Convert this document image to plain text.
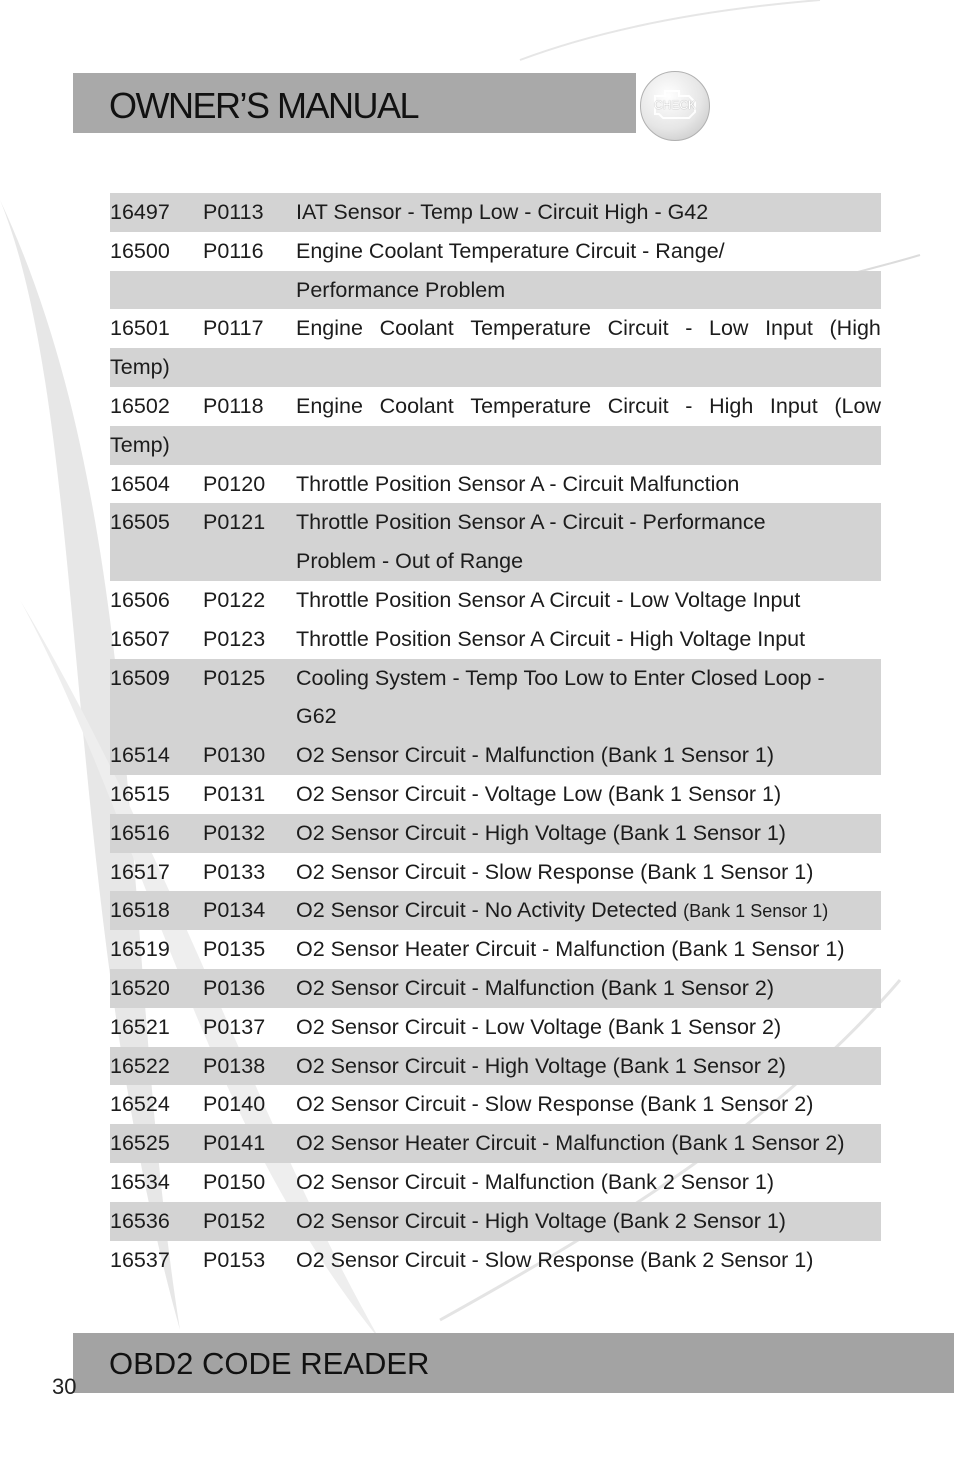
OWNER’S MANUAL	CHECK
16497 P0113 IAT Sensor - Temp Low - Circuit High - G42
16500 P0116 Engine Coolant Temperature Circuit - Range/
Performance Problem
16501 P0117 Engine Coolant Temperature Circuit - Low Input (High
Temp)
16502 P0118 Engine Coolant Temperature Circuit - High Input (Low
Temp)
16504 P0120 Throttle Position Sensor A - Circuit Malfunction
16505 P0121 Throttle Position Sensor A - Circuit - Performance
Problem - Out of Range
16506 P0122 Throttle Position Sensor A Circuit - Low Voltage Input
16507 P0123 Throttle Position Sensor A Circuit - High Voltage Input
16509 P0125 Cooling System - Temp Too Low to Enter Closed Loop -
G62
16514 P0130 O2 Sensor Circuit - Malfunction (Bank 1 Sensor 1)
16515 P0131 O2 Sensor Circuit - Voltage Low (Bank 1 Sensor 1)
16516 P0132 O2 Sensor Circuit - High Voltage (Bank 1 Sensor 1)
16517 P0133 O2 Sensor Circuit - Slow Response (Bank 1 Sensor 1)
16518 P0134 O2 Sensor Circuit - No Activity Detected (Bank 1 Sensor 1)
16519 P0135 O2 Sensor Heater Circuit - Malfunction (Bank 1 Sensor 1)
16520 P0136 O2 Sensor Circuit - Malfunction (Bank 1 Sensor 2)
16521 P0137 O2 Sensor Circuit - Low Voltage (Bank 1 Sensor 2)
16522 P0138 O2 Sensor Circuit - High Voltage (Bank 1 Sensor 2)
16524 P0140 O2 Sensor Circuit - Slow Response (Bank 1 Sensor 2)
16525 P0141 O2 Sensor Heater Circuit - Malfunction (Bank 1 Sensor 2)
16534 P0150 O2 Sensor Circuit - Malfunction (Bank 2 Sensor 1)
16536 P0152 O2 Sensor Circuit - High Voltage (Bank 2 Sensor 1)
16537 P0153 O2 Sensor Circuit - Slow Response (Bank 2 Sensor 1)
OBD2 CODE READER
30
